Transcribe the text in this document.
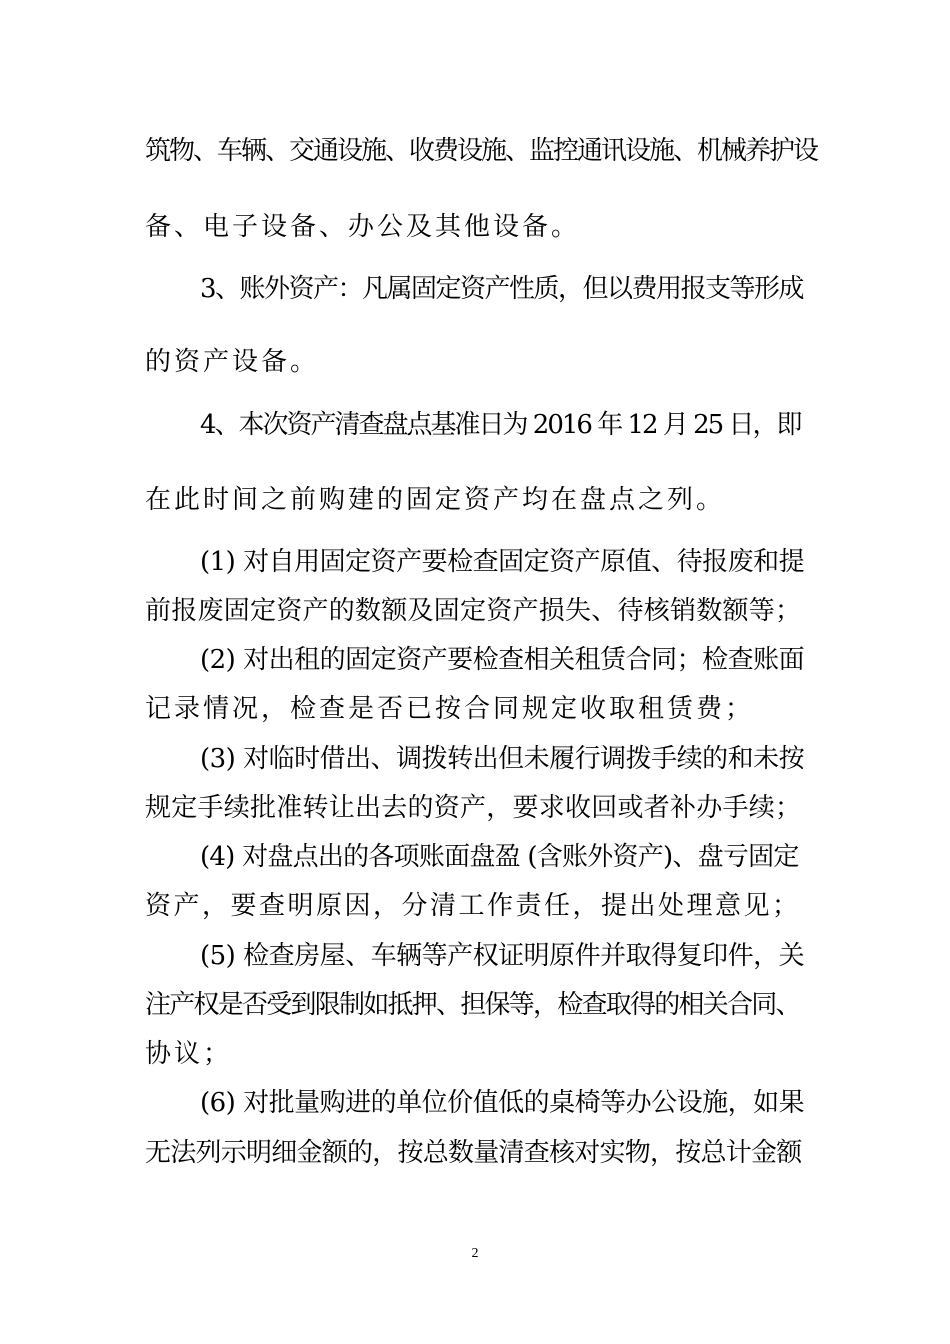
筑物、车辆、交通设施、收费设施、监控通讯设施、机械养护设
备、电子设备、办公及其他设备。
3、账外资产：凡属固定资产性质，但以费用报支等形成
的资产设备。
4、本次资产清查盘点基准日为 2016 年 12 月 25 日，即
在此时间之前购建的固定资产均在盘点之列。
(1) 对自用固定资产要检查固定资产原值、待报废和提
前报废固定资产的数额及固定资产损失、待核销数额等；
(2) 对出租的固定资产要检查相关租赁合同；检查账面
记录情况，检查是否已按合同规定收取租赁费；
(3) 对临时借出、调拨转出但未履行调拨手续的和未按
规定手续批准转让出去的资产，要求收回或者补办手续；
(4) 对盘点出的各项账面盘盈 (含账外资产)、盘亏固定
资产，要查明原因，分清工作责任，提出处理意见；
(5) 检查房屋、车辆等产权证明原件并取得复印件，关
注产权是否受到限制如抵押、担保等，检查取得的相关合同、
协议；
(6) 对批量购进的单位价值低的桌椅等办公设施，如果
无法列示明细金额的，按总数量清查核对实物，按总计金额
2
